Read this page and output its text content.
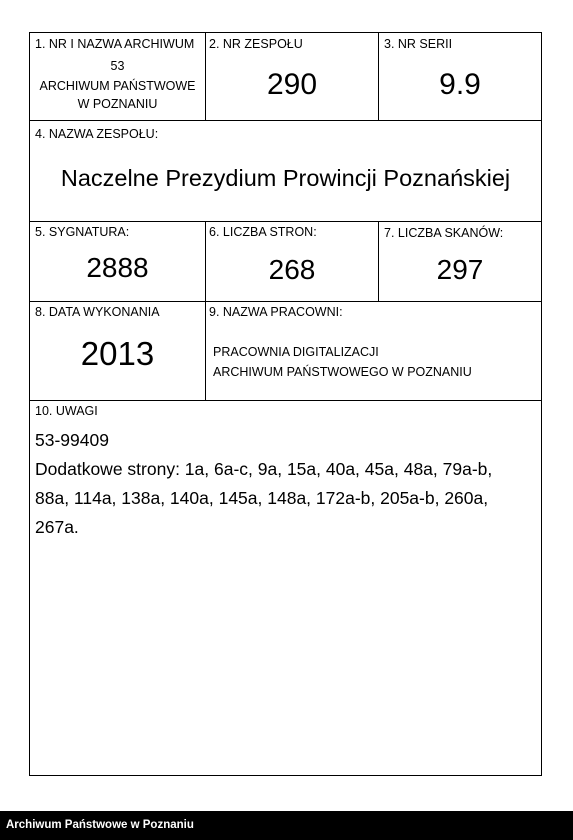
1. NR I NAZWA ARCHIWUM
53
ARCHIWUM PAŃSTWOWE
W POZNANIU
2. NR ZESPOŁU
290
3. NR SERII
9.9
4. NAZWA ZESPOŁU:
Naczelne Prezydium Prowincji Poznańskiej
5. SYGNATURA:
2888
6. LICZBA STRON:
268
7. LICZBA SKANÓW:
297
8. DATA WYKONANIA
2013
9. NAZWA PRACOWNI:
PRACOWNIA DIGITALIZACJI
ARCHIWUM PAŃSTWOWEGO W POZNANIU
10. UWAGI
53-99409
Dodatkowe strony: 1a, 6a-c, 9a, 15a, 40a, 45a, 48a, 79a-b,
88a, 114a, 138a, 140a, 145a, 148a, 172a-b, 205a-b, 260a,
267a.
Archiwum Państwowe w Poznaniu
